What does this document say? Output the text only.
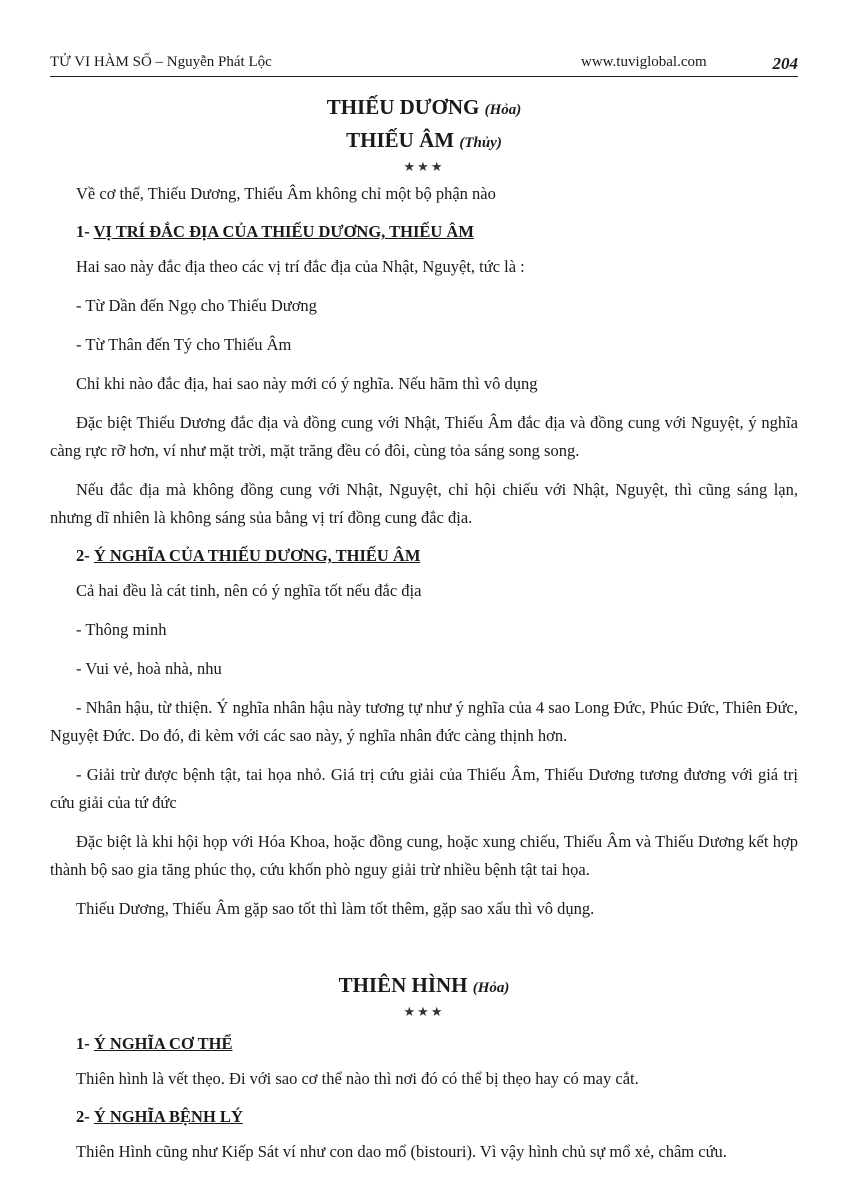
TỬ VI HÀM SỐ – Nguyễn Phát Lộc	www.tuviglobal.com	204
THIẾU DƯƠNG (Hỏa)
THIẾU ÂM (Thủy)
★★★

Về cơ thể, Thiếu Dương, Thiếu Âm không chỉ một bộ phận nào

1- VỊ TRÍ ĐẮC ĐỊA CỦA THIẾU DƯƠNG, THIẾU ÂM

Hai sao này đắc địa theo các vị trí đắc địa của Nhật, Nguyệt, tức là :

- Từ Dần đến Ngọ cho Thiếu Dương

- Từ Thân đến Tý cho Thiếu Âm

Chỉ khi nào đắc địa, hai sao này mới có ý nghĩa. Nếu hãm thì vô dụng

Đặc biệt Thiếu Dương đắc địa và đồng cung với Nhật, Thiếu Âm đắc địa và đồng cung với Nguyệt, ý nghĩa càng rực rỡ hơn, ví như mặt trời, mặt trăng đều có đôi, cùng tỏa sáng song song.

Nếu đắc địa mà không đồng cung với Nhật, Nguyệt, chỉ hội chiếu với Nhật, Nguyệt, thì cũng sáng lạn, nhưng dĩ nhiên là không sáng sủa bằng vị trí đồng cung đắc địa.

2- Ý NGHĨA CỦA THIẾU DƯƠNG, THIẾU ÂM

Cả hai đều là cát tinh, nên có ý nghĩa tốt nếu đắc địa

- Thông minh

- Vui vẻ, hoà nhà, nhu

- Nhân hậu, từ thiện. Ý nghĩa nhân hậu này tương tự như ý nghĩa của 4 sao Long Đức, Phúc Đức, Thiên Đức, Nguyệt Đức. Do đó, đi kèm với các sao này, ý nghĩa nhân đức càng thịnh hơn.

- Giải trừ được bệnh tật, tai họa nhỏ. Giá trị cứu giải của Thiếu Âm, Thiếu Dương tương đương với giá trị cứu giải của tứ đức

Đặc biệt là khi hội họp với Hóa Khoa, hoặc đồng cung, hoặc xung chiếu, Thiếu Âm và Thiếu Dương kết hợp thành bộ sao gia tăng phúc thọ, cứu khốn phò nguy giải trừ nhiều bệnh tật tai họa.

Thiếu Dương, Thiếu Âm gặp sao tốt thì làm tốt thêm, gặp sao xấu thì vô dụng.

THIÊN HÌNH (Hỏa)
★★★
1- Ý NGHĨA CƠ THỂ

Thiên hình là vết thẹo. Đi với sao cơ thể nào thì nơi đó có thể bị thẹo hay có may cắt.

2- Ý NGHĨA BỆNH LÝ

Thiên Hình cũng như Kiếp Sát ví như con dao mổ (bistouri). Vì vậy hình chủ sự mổ xẻ, châm cứu.
